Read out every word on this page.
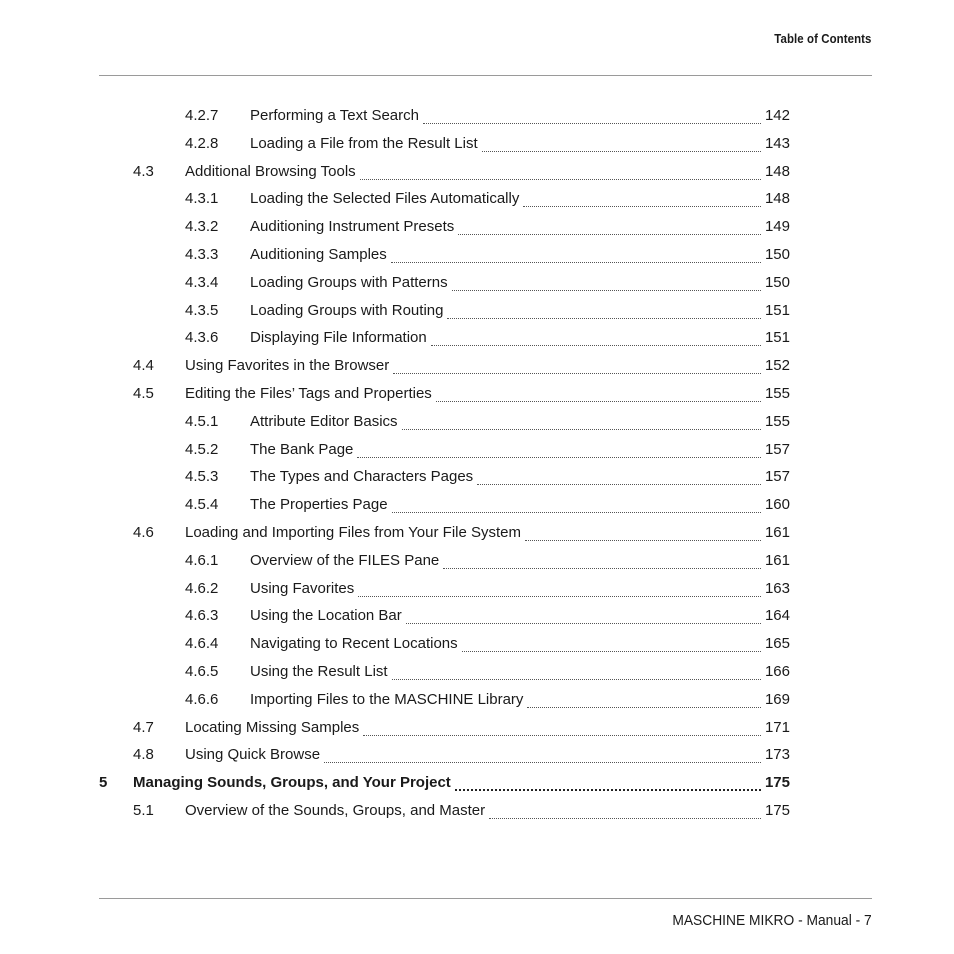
Table of Contents
4.2.7 Performing a Text Search	142
4.2.8 Loading a File from the Result List	143
4.3 Additional Browsing Tools	148
4.3.1 Loading the Selected Files Automatically	148
4.3.2 Auditioning Instrument Presets	149
4.3.3 Auditioning Samples	150
4.3.4 Loading Groups with Patterns	150
4.3.5 Loading Groups with Routing	151
4.3.6 Displaying File Information	151
4.4 Using Favorites in the Browser	152
4.5 Editing the Files’ Tags and Properties	155
4.5.1 Attribute Editor Basics	155
4.5.2 The Bank Page	157
4.5.3 The Types and Characters Pages	157
4.5.4 The Properties Page	160
4.6 Loading and Importing Files from Your File System	161
4.6.1 Overview of the FILES Pane	161
4.6.2 Using Favorites	163
4.6.3 Using the Location Bar	164
4.6.4 Navigating to Recent Locations	165
4.6.5 Using the Result List	166
4.6.6 Importing Files to the MASCHINE Library	169
4.7 Locating Missing Samples	171
4.8 Using Quick Browse	173
5 Managing Sounds, Groups, and Your Project	175
5.1 Overview of the Sounds, Groups, and Master	175
MASCHINE MIKRO - Manual - 7
